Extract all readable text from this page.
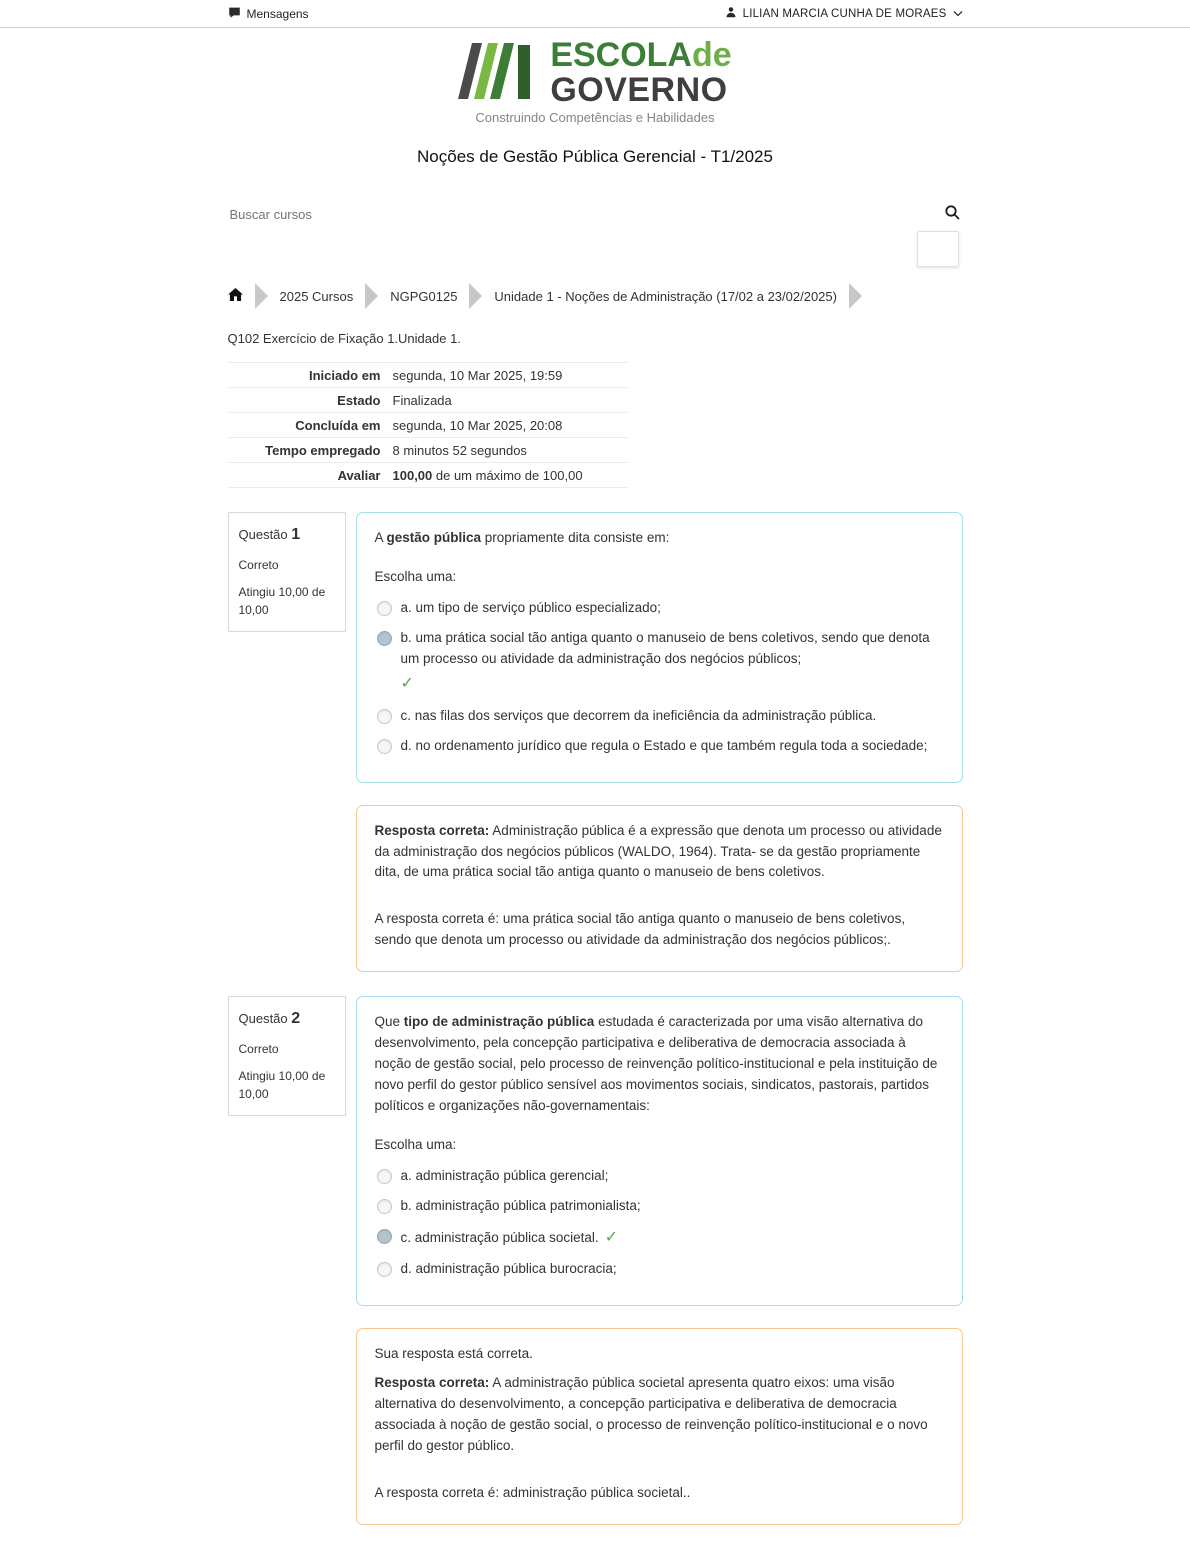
Mensagens	LILIAN MARCIA CUNHA DE MORAES
ESCOLAde
GOVERNO
Construindo Competências e Habilidades
Noções de Gestão Pública Gerencial - T1/2025
Buscar cursos
2025 Cursos	NGPG0125	Unidade 1 - Noções de Administração (17/02 a 23/02/2025)
Q102 Exercício de Fixação 1.Unidade 1.
Iniciado em segunda, 10 Mar 2025, 19:59
Estado Finalizada
Concluída em segunda, 10 Mar 2025, 20:08
Tempo empregado 8 minutos 52 segundos
Avaliar 100,00 de um máximo de 100,00
Questão 1
Correto
Atingiu 10,00 de 10,00

A gestão pública propriamente dita consiste em:

Escolha uma:
a. um tipo de serviço público especializado;
b. uma prática social tão antiga quanto o manuseio de bens coletivos, sendo que denota um processo ou atividade da administração dos negócios públicos;
✓
c. nas filas dos serviços que decorrem da ineficiência da administração pública.
d. no ordenamento jurídico que regula o Estado e que também regula toda a sociedade;

Resposta correta: Administração pública é a expressão que denota um processo ou atividade da administração dos negócios públicos (WALDO, 1964). Trata- se da gestão propriamente dita, de uma prática social tão antiga quanto o manuseio de bens coletivos.

A resposta correta é: uma prática social tão antiga quanto o manuseio de bens coletivos, sendo que denota um processo ou atividade da administração dos negócios públicos;.

Questão 2
Correto
Atingiu 10,00 de 10,00

Que tipo de administração pública estudada é caracterizada por uma visão alternativa do desenvolvimento, pela concepção participativa e deliberativa de democracia associada à noção de gestão social, pelo processo de reinvenção político-institucional e pela instituição de novo perfil do gestor público sensível aos movimentos sociais, sindicatos, pastorais, partidos políticos e organizações não-governamentais:

Escolha uma:
a. administração pública gerencial;
b. administração pública patrimonialista;
c. administração pública societal. ✓
d. administração pública burocracia;

Sua resposta está correta.

Resposta correta: A administração pública societal apresenta quatro eixos: uma visão alternativa do desenvolvimento, a concepção participativa e deliberativa de democracia associada à noção de gestão social, o processo de reinvenção político-institucional e o novo perfil do gestor público.

A resposta correta é: administração pública societal..
